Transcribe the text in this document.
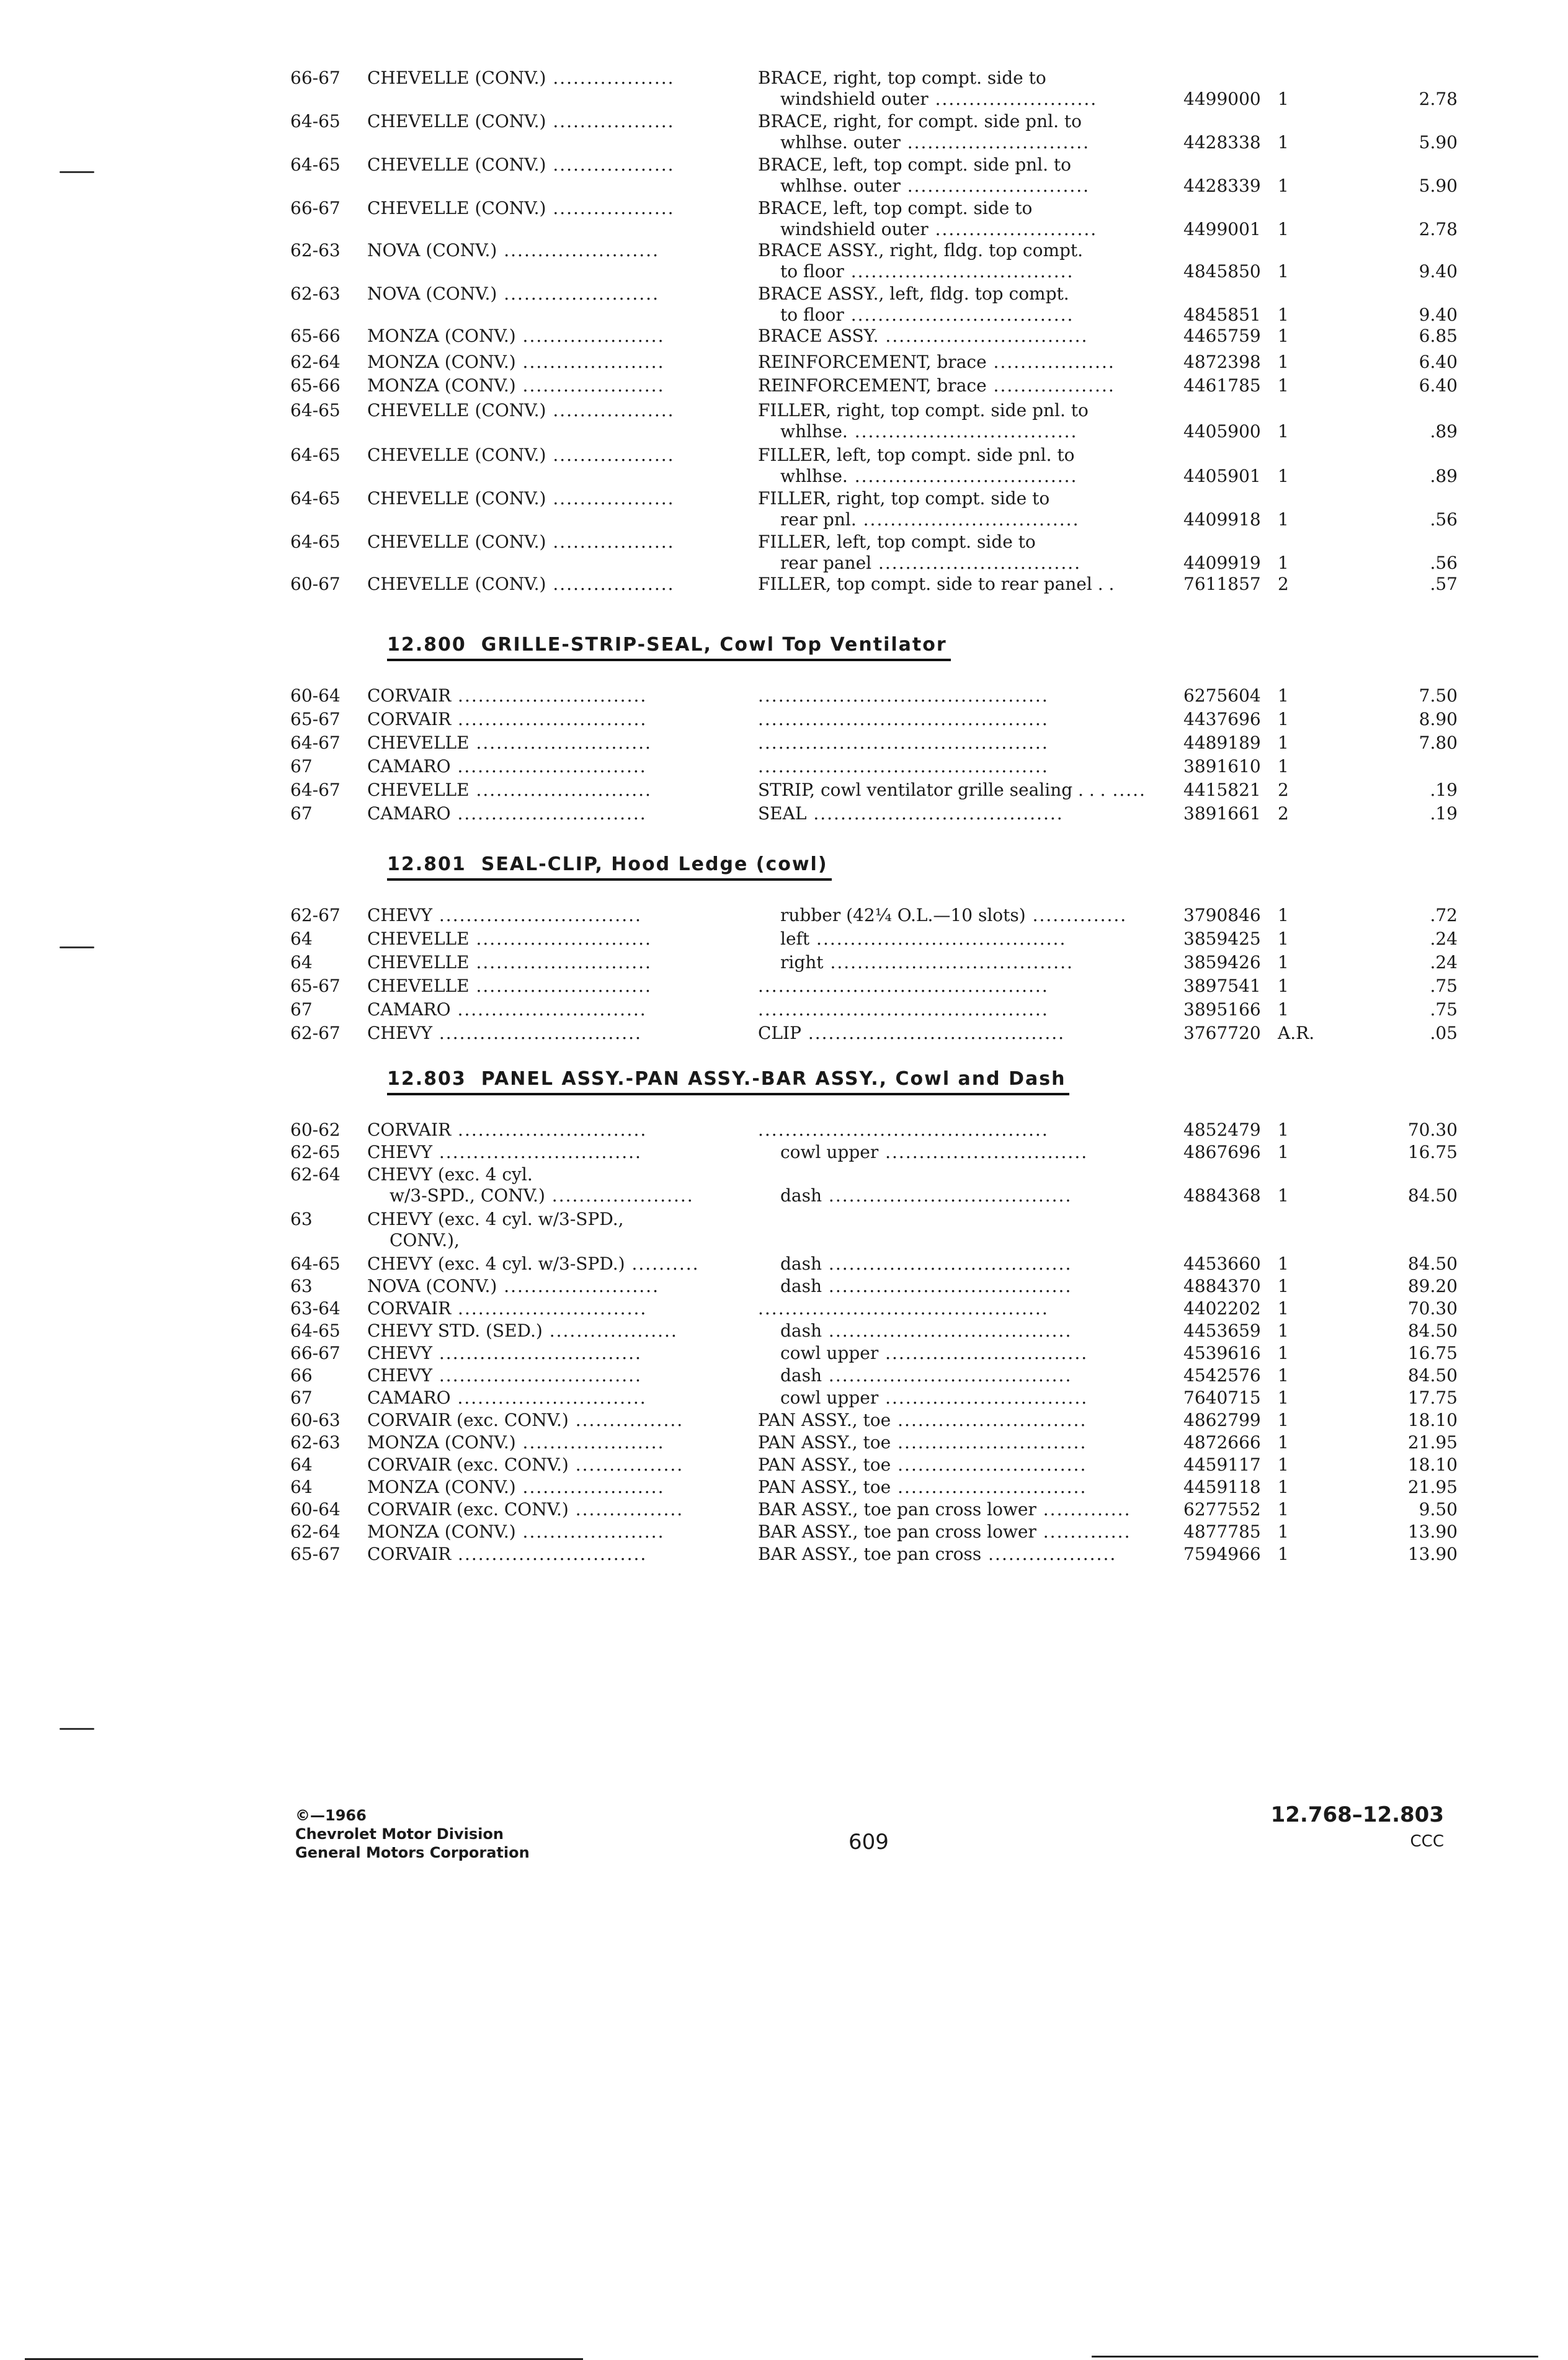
66-67 CHEVELLE (CONV.) ..................	BRACE, right, top compt. side to
windshield outer ........................	4499000 1	2.78
64-65 CHEVELLE (CONV.) ..................	BRACE, right, for compt. side pnl. to
whlhse. outer ...........................	4428338 1	5.90
64-65 CHEVELLE (CONV.) ..................	BRACE, left, top compt. side pnl. to
whlhse. outer ...........................	4428339 1	5.90
66-67 CHEVELLE (CONV.) ..................	BRACE, left, top compt. side to
windshield outer ........................	4499001 1	2.78
62-63 NOVA (CONV.) .......................	BRACE ASSY., right, fldg. top compt.
to floor .................................	4845850 1	9.40
62-63 NOVA (CONV.) .......................	BRACE ASSY., left, fldg. top compt.
to floor .................................	4845851 1	9.40
65-66 MONZA (CONV.) .....................	BRACE ASSY. ..............................	4465759 1	6.85
62-64 MONZA (CONV.) .....................	REINFORCEMENT, brace ..................	4872398 1	6.40
65-66 MONZA (CONV.) .....................	REINFORCEMENT, brace ..................	4461785 1	6.40
64-65 CHEVELLE (CONV.) ..................	FILLER, right, top compt. side pnl. to
whlhse. .................................	4405900 1	.89
64-65 CHEVELLE (CONV.) ..................	FILLER, left, top compt. side pnl. to
whlhse. .................................	4405901 1	.89
64-65 CHEVELLE (CONV.) ..................	FILLER, right, top compt. side to
rear pnl. ................................	4409918 1	.56
64-65 CHEVELLE (CONV.) ..................	FILLER, left, top compt. side to
rear panel ..............................	4409919 1	.56
60-67 CHEVELLE (CONV.) ..................	FILLER, top compt. side to rear panel . .	7611857 2	.57
12.800 GRILLE-STRIP-SEAL, Cowl Top Ventilator
60-64 CORVAIR ............................	...........................................	6275604 1	7.50
65-67 CORVAIR ............................	...........................................	4437696 1	8.90
64-67 CHEVELLE ..........................	...........................................	4489189 1	7.80
67	CAMARO ............................	...........................................	3891610 1
64-67 CHEVELLE ..........................	STRIP, cowl ventilator grille sealing . . . .....	4415821 2	.19
67	CAMARO ............................	SEAL .....................................	3891661 2	.19
12.801 SEAL-CLIP, Hood Ledge (cowl)
62-67 CHEVY ..............................	rubber (42¼ O.L.—10 slots) ..............	3790846 1	.72
64	CHEVELLE ..........................	left .....................................	3859425 1	.24
64	CHEVELLE ..........................	right ....................................	3859426 1	.24
65-67 CHEVELLE ..........................	...........................................	3897541 1	.75
67	CAMARO ............................	...........................................	3895166 1	.75
62-67 CHEVY ..............................	CLIP ......................................	3767720 A.R.	.05
12.803 PANEL ASSY.-PAN ASSY.-BAR ASSY., Cowl and Dash
60-62 CORVAIR ............................	...........................................	4852479 1	70.30
62-65 CHEVY ..............................	cowl upper ..............................	4867696 1	16.75
62-64 CHEVY (exc. 4 cyl.
w/3-SPD., CONV.) .....................	dash ....................................	4884368 1	84.50
63	CHEVY (exc. 4 cyl. w/3-SPD.,
CONV.),
64-65 CHEVY (exc. 4 cyl. w/3-SPD.) ..........	dash ....................................	4453660 1	84.50
63	NOVA (CONV.) .......................	dash ....................................	4884370 1	89.20
63-64 CORVAIR ............................	...........................................	4402202 1	70.30
64-65 CHEVY STD. (SED.) ...................	dash ....................................	4453659 1	84.50
66-67 CHEVY ..............................	cowl upper ..............................	4539616 1	16.75
66	CHEVY ..............................	dash ....................................	4542576 1	84.50
67	CAMARO ............................	cowl upper ..............................	7640715 1	17.75
60-63 CORVAIR (exc. CONV.) ................	PAN ASSY., toe ............................	4862799 1	18.10
62-63 MONZA (CONV.) .....................	PAN ASSY., toe ............................	4872666 1	21.95
64	CORVAIR (exc. CONV.) ................	PAN ASSY., toe ............................	4459117 1	18.10
64	MONZA (CONV.) .....................	PAN ASSY., toe ............................	4459118 1	21.95
60-64 CORVAIR (exc. CONV.) ................	BAR ASSY., toe pan cross lower .............	6277552 1	9.50
62-64 MONZA (CONV.) .....................	BAR ASSY., toe pan cross lower .............	4877785 1	13.90
65-67 CORVAIR ............................	BAR ASSY., toe pan cross ...................	7594966 1	13.90
©—1966
Chevrolet Motor Division
General Motors Corporation	609
12.768–12.803
CCC
